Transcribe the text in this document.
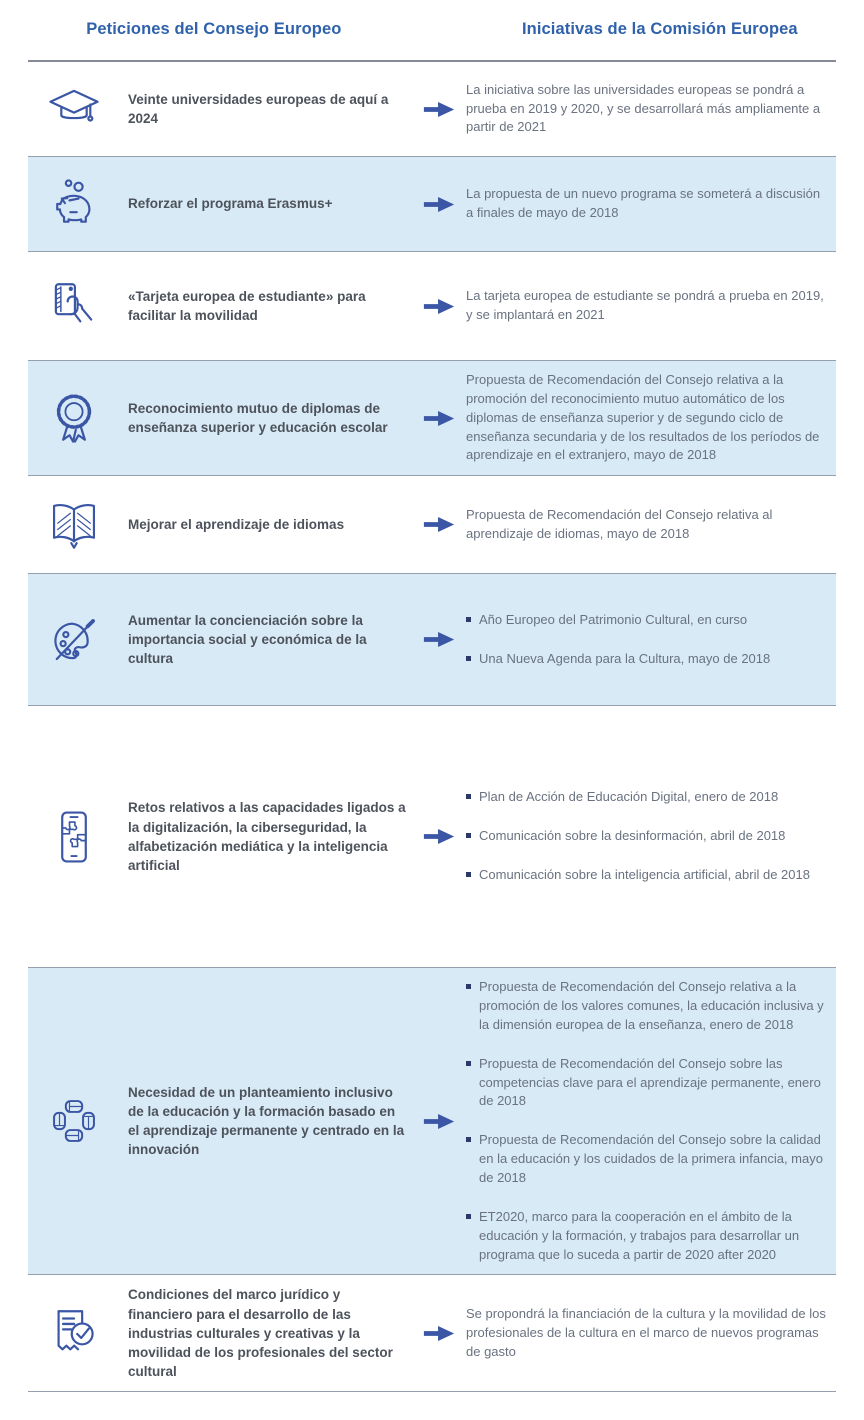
Peticiones del Consejo Europeo	Iniciativas de la Comisión Europea
Veinte universidades europeas de aquí a 2024
La iniciativa sobre las universidades europeas se pondrá a prueba en 2019 y 2020, y se desarrollará más ampliamente a partir de 2021
Reforzar el programa Erasmus+
La propuesta de un nuevo programa se someterá a discusión a finales de mayo de 2018
«Tarjeta europea de estudiante» para facilitar la movilidad
La tarjeta europea de estudiante se pondrá a prueba en 2019, y se implantará en 2021
Reconocimiento mutuo de diplomas de enseñanza superior y educación escolar
Propuesta de Recomendación del Consejo relativa a la promoción del reconocimiento mutuo automático de los diplomas de enseñanza superior y de segundo ciclo de enseñanza secundaria y de los resultados de los períodos de aprendizaje en el extranjero, mayo de 2018
Mejorar el aprendizaje de idiomas
Propuesta de Recomendación del Consejo relativa al aprendizaje de idiomas, mayo de 2018
Aumentar la concienciación sobre la importancia social y económica de la cultura
Año Europeo del Patrimonio Cultural, en curso
Una Nueva Agenda para la Cultura, mayo de 2018
Retos relativos a las capacidades ligados a la digitalización, la ciberseguridad, la alfabetización mediática y la inteligencia artificial
Plan de Acción de Educación Digital, enero de 2018
Comunicación sobre la desinformación, abril de 2018
Comunicación sobre la inteligencia artificial, abril de 2018
Necesidad de un planteamiento inclusivo de la educación y la formación basado en el aprendizaje permanente y centrado en la innovación
Propuesta de Recomendación del Consejo relativa a la promoción de los valores comunes, la educación inclusiva y la dimensión europea de la enseñanza, enero de 2018
Propuesta de Recomendación del Consejo sobre las competencias clave para el aprendizaje permanente, enero de 2018
Propuesta de Recomendación del Consejo sobre la calidad en la educación y los cuidados de la primera infancia, mayo de 2018
ET2020, marco para la cooperación en el ámbito de la educación y la formación, y trabajos para desarrollar un programa que lo suceda a partir de 2020 after 2020
Condiciones del marco jurídico y financiero para el desarrollo de las industrias culturales y creativas y la movilidad de los profesionales del sector cultural
Se propondrá la financiación de la cultura y la movilidad de los profesionales de la cultura en el marco de nuevos programas de gasto
